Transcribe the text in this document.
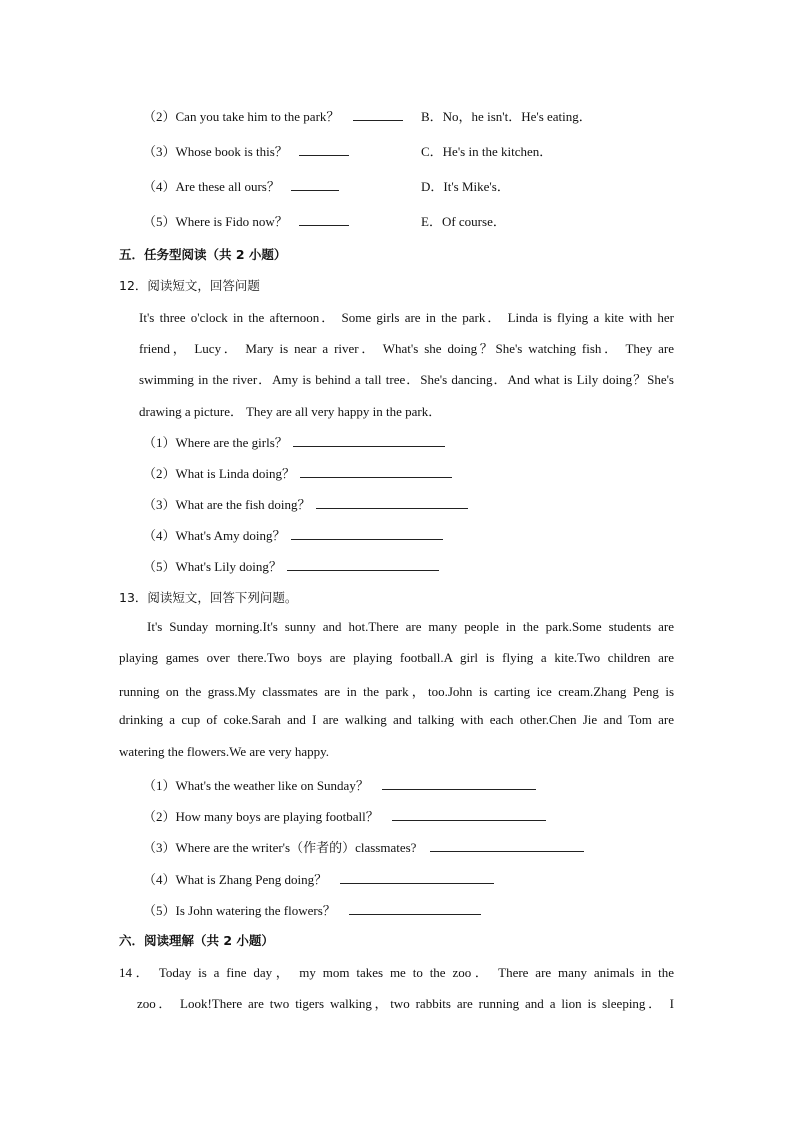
（2）Can you take him to the park？	B．No，he isn't．He's eating．
（3）Whose book is this？	C．He's in the kitchen．
（4）Are these all ours？	D．It's Mike's．
（5）Where is Fido now？	E．Of course．
五．任务型阅读（共 2 小题）
12．阅读短文，回答问题
It's three o'clock in the afternoon． Some girls are in the park． Linda is flying a kite with her
friend， Lucy． Mary is near a river． What's she doing？She's watching fish． They are
swimming in the river．Amy is behind a tall tree．She's dancing．And what is Lily doing？She's
drawing a picture． They are all very happy in the park．
（1）Where are the girls？
（2）What is Linda doing？
（3）What are the fish doing？
（4）What's Amy doing？
（5）What's Lily doing？
13．阅读短文，回答下列问题。
It's Sunday morning.It's sunny and hot.There are many people in the park.Some students are
playing games over there.Two boys are playing football.A girl is flying a kite.Two children are
running on the grass.My classmates are in the park，too.John is carting ice cream.Zhang Peng is
drinking a cup of coke.Sarah and I are walking and talking with each other.Chen Jie and Tom are
watering the flowers.We are very happy.
（1）What's the weather like on Sunday？
（2）How many boys are playing football？
（3）Where are the writer's（作者的）classmates?
（4）What is Zhang Peng doing？
（5）Is John watering the flowers？
六．阅读理解（共 2 小题）
14． Today is a fine day， my mom takes me to the zoo． There are many animals in the
zoo． Look!There are two tigers walking，two rabbits are running and a lion is sleeping． I
